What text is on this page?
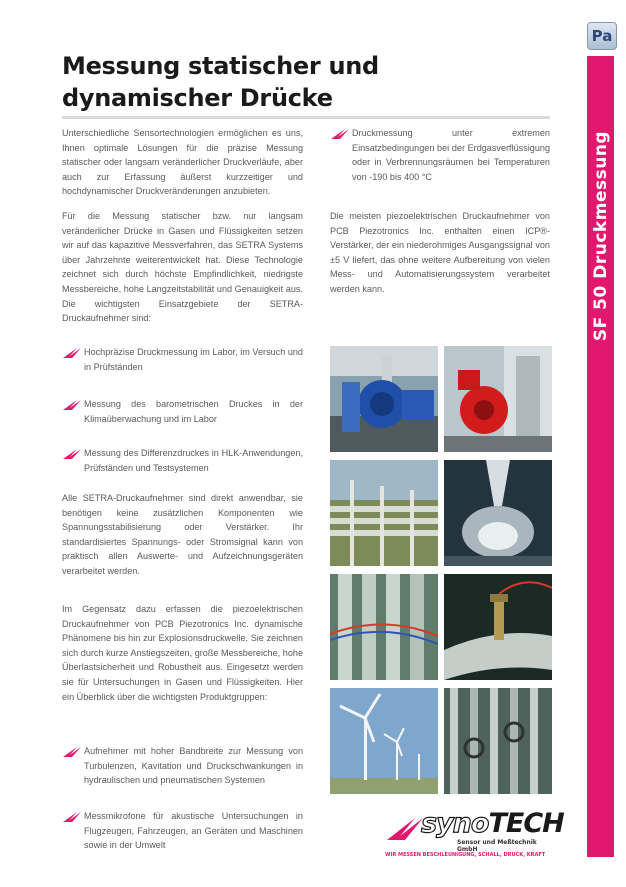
Pa
SF 50 Druckmessung
Messung statischer und dynamischer Drücke

Unterschiedliche Sensortechnologien ermöglichen es uns, Ihnen optimale Lösungen für die präzise Messung statischer oder langsam veränderlicher Druckverläufe, aber auch zur Erfassung äußerst kurzzeitiger und hochdynamischer Druckveränderungen anzubieten.

Für die Messung statischer bzw. nur langsam veränderlicher Drücke in Gasen und Flüssigkeiten setzen wir auf das kapazitive Messverfahren, das SETRA Systems über Jahrzehnte weiterentwickelt hat. Diese Technologie zeichnet sich durch höchste Empfindlichkeit, niedrigste Messbereiche, hohe Langzeitstabilität und Genauigkeit aus. Die wichtigsten Einsatzgebiete der SETRA-Druckaufnehmer sind:

Hochpräzise Druckmessung im Labor, im Versuch und in Prüfständen

Messung des barometrischen Druckes in der Klimaüberwachung und im Labor

Messung des Differenzdruckes in HLK-Anwendungen, Prüfständen und Testsystemen

Alle SETRA-Druckaufnehmer sind direkt anwendbar, sie benötigen keine zusätzlichen Komponenten wie Spannungsstabilisierung oder Verstärker. Ihr standardisiertes Spannungs- oder Stromsignal kann von praktisch allen Auswerte- und Aufzeichnungsgeräten verarbeitet werden.

Im Gegensatz dazu erfassen die piezoelektrischen Druckaufnehmer von PCB Piezotronics Inc. dynamische Phänomene bis hin zur Explosionsdruckwelle. Sie zeichnen sich durch kurze Anstiegszeiten, große Messbereiche, hohe Überlastsicherheit und Robustheit aus. Eingesetzt werden sie für Untersuchungen in Gasen und Flüssigkeiten. Hier ein Überblick über die wichtigsten Produktgruppen:

Aufnehmer mit hoher Bandbreite zur Messung von Turbulenzen, Kavitation und Druckschwankungen in hydraulischen und pneumatischen Systemen

Messmikrofone für akustische Untersuchungen in Flugzeugen, Fahrzeugen, an Geräten und Maschinen sowie in der Umwelt

Druckmessung unter extremen Einsatzbedingungen bei der Erdgasverflüssigung oder in Verbrennungsräumen bei Temperaturen von -190 bis 400 °C

Die meisten piezoelektrischen Druckaufnehmer von PCB Piezotronics Inc. enthalten einen ICP®-Verstärker, der ein niederohmiges Ausgangssignal von ±5 V liefert, das ohne weitere Aufbereitung von vielen Mess- und Automatisierungssystem verarbeitet werden kann.

synoTECH
Sensor und Meßtechnik GmbH
WIR MESSEN BESCHLEUNIGUNG, SCHALL, DRUCK, KRAFT
